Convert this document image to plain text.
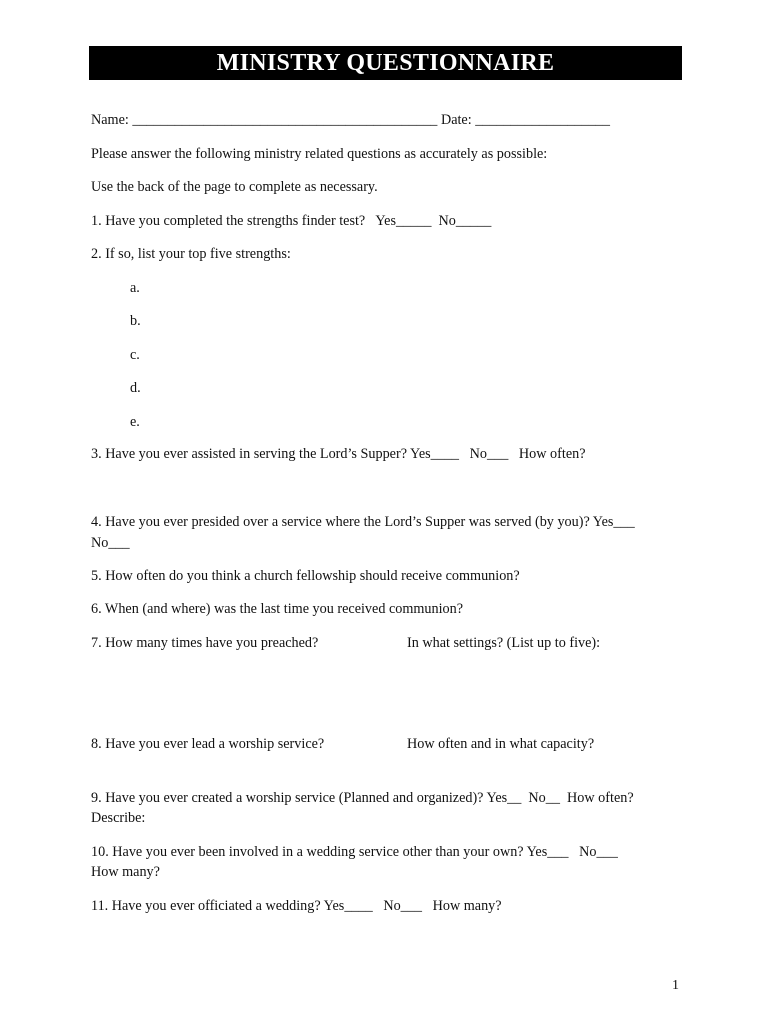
MINISTRY QUESTIONNAIRE
Name: ___________________________________________ Date: ___________________
Please answer the following ministry related questions as accurately as possible:
Use the back of the page to complete as necessary.
1. Have you completed the strengths finder test?   Yes_____  No_____
2. If so, list your top five strengths:
a.
b.
c.
d.
e.
3. Have you ever assisted in serving the Lord’s Supper? Yes____   No___   How often?
4. Have you ever presided over a service where the Lord’s Supper was served (by you)? Yes___
No___
5. How often do you think a church fellowship should receive communion?
6. When (and where) was the last time you received communion?
7. How many times have you preached?	In what settings? (List up to five):
8. Have you ever lead a worship service?	How often and in what capacity?
9. Have you ever created a worship service (Planned and organized)? Yes__  No__  How often?
Describe:
10. Have you ever been involved in a wedding service other than your own? Yes___   No___
How many?
11. Have you ever officiated a wedding? Yes____   No___   How many?
1
